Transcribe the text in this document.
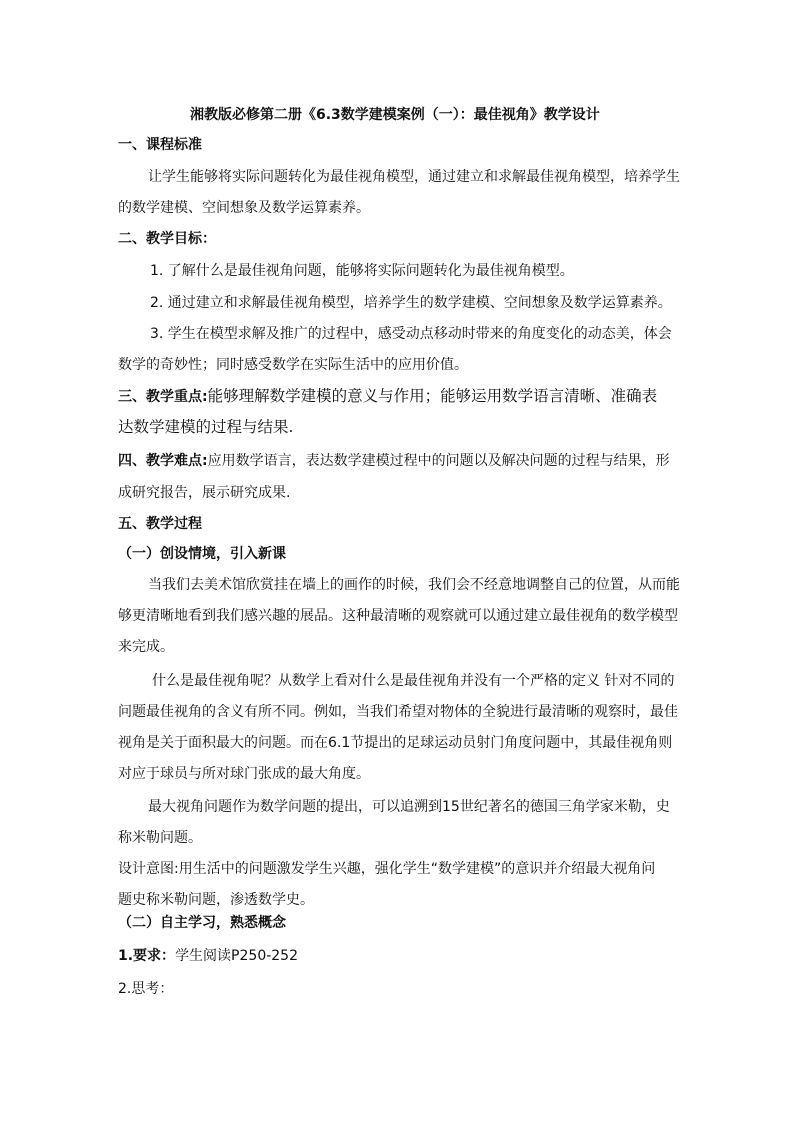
湘教版必修第二册《6.3数学建模案例（一）：最佳视角》教学设计
一、课程标准
让学生能够将实际问题转化为最佳视角模型，通过建立和求解最佳视角模型，培养学生
的数学建模、空间想象及数学运算素养。
二、教学目标：
1. 了解什么是最佳视角问题，能够将实际问题转化为最佳视角模型。
2. 通过建立和求解最佳视角模型，培养学生的数学建模、空间想象及数学运算素养。
3. 学生在模型求解及推广的过程中，感受动点移动时带来的角度变化的动态美，体会
数学的奇妙性；同时感受数学在实际生活中的应用价值。
三、教学重点:能够理解数学建模的意义与作用；能够运用数学语言清晰、准确表
达数学建模的过程与结果.
四、教学难点:应用数学语言，表达数学建模过程中的问题以及解决问题的过程与结果，形
成研究报告，展示研究成果.
五、教学过程
（一）创设情境，引入新课
当我们去美术馆欣赏挂在墙上的画作的时候，我们会不经意地调整自己的位置，从而能
够更清晰地看到我们感兴趣的展品。这种最清晰的观察就可以通过建立最佳视角的数学模型
来完成。
什么是最佳视角呢？从数学上看对什么是最佳视角并没有一个严格的定义 针对不同的
问题最佳视角的含义有所不同。例如，当我们希望对物体的全貌进行最清晰的观察时，最佳
视角是关于面积最大的问题。而在6.1节提出的足球运动员射门角度问题中，其最佳视角则
对应于球员与所对球门张成的最大角度。
最大视角问题作为数学问题的提出，可以追溯到15世纪著名的德国三角学家米勒，史
称米勒问题。
设计意图:用生活中的问题激发学生兴趣，强化学生“数学建模”的意识并介绍最大视角问
题史称米勒问题，渗透数学史。
（二）自主学习，熟悉概念
1.要求：学生阅读P250-252
2.思考：
